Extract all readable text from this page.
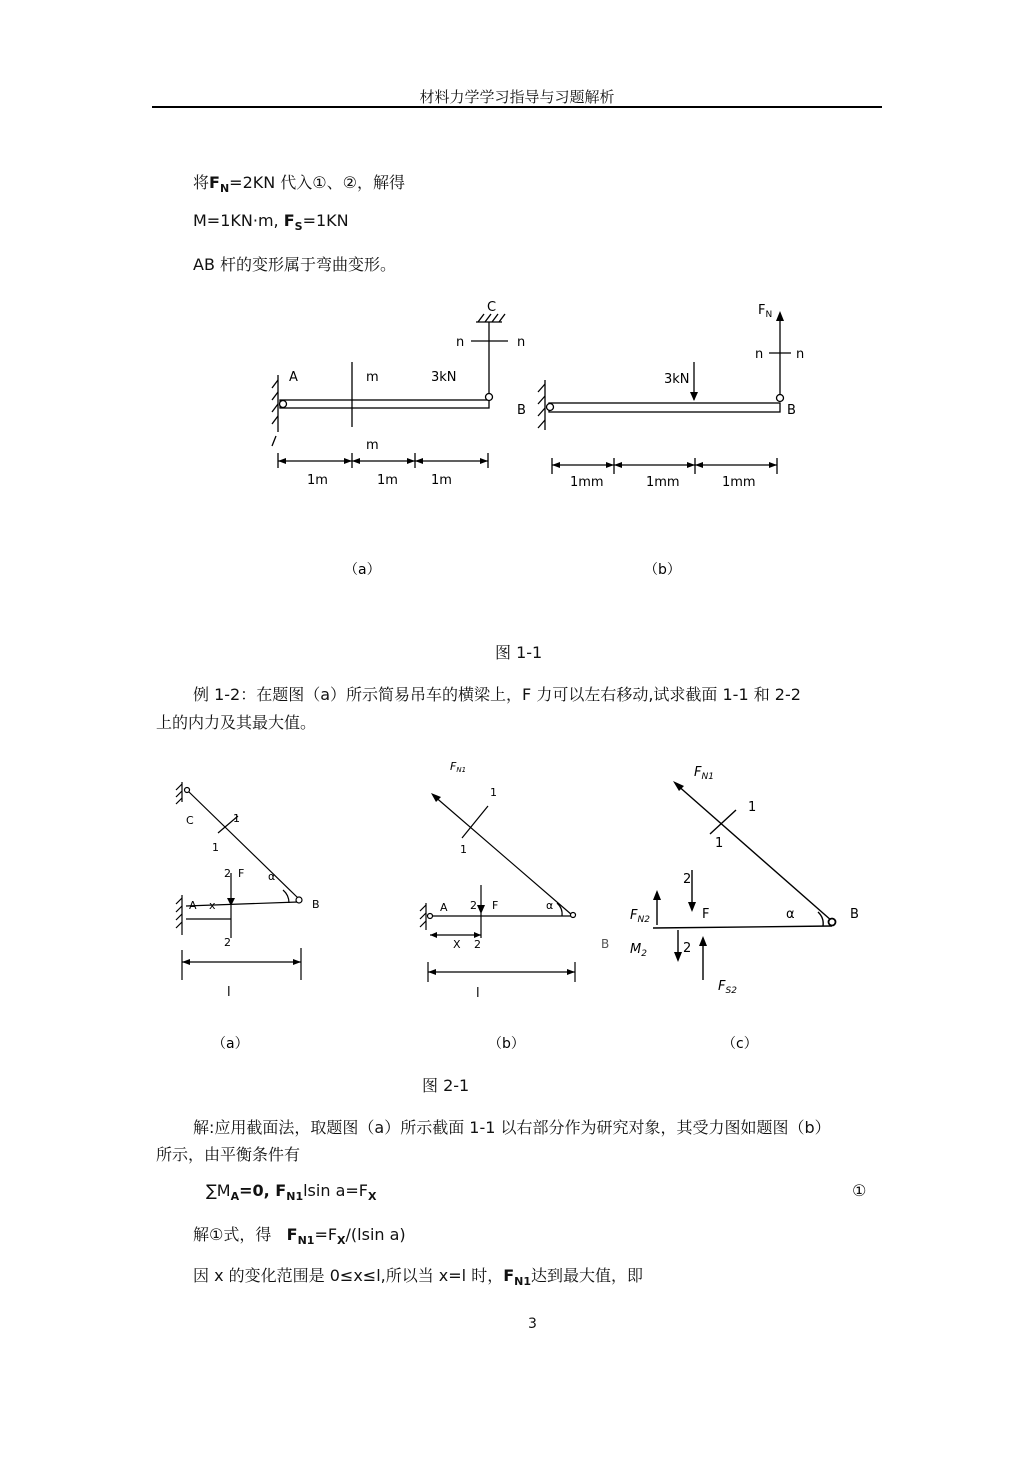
材料力学学习指导与习题解析
将$F_N=2KN$ 代入①、②，解得
M=1KN·m, $F_S=1KN$
AB 杆的变形属于弯曲变形。
C
n	n
A	m	3kN
m
1m	1m	1m
（a）
$F_N$
n	n
3kN
B	B
1mm	1mm	1mm
（b）
图 1-1
例 1-2：在题图（a）所示简易吊车的横梁上，F 力可以左右移动,试求截面 1-1 和 2-2
上的内力及其最大值。
C	1
1
2 F α
A x	B
2
l
（a）
FN1
1
1
A 2 F	α
X 2
l
（b）
$F_{N1}$
1
1
2
$F_{N2}$	F	α	B
B $M_2$	2
$F_{S2}$
（c）
图 2-1
解:应用截面法，取题图（a）所示截面 1-1 以右部分作为研究对象，其受力图如题图（b）
所示，由平衡条件有
$\sum M_A=0$, $F_{N1}lsin$ $a=F_X$	①
解①式，得 $F_{N1}=F_X/(lsin$ a)
因 x 的变化范围是 0≤x≤l,所以当 x=l 时，$F_{N1}$达到最大值，即
3
